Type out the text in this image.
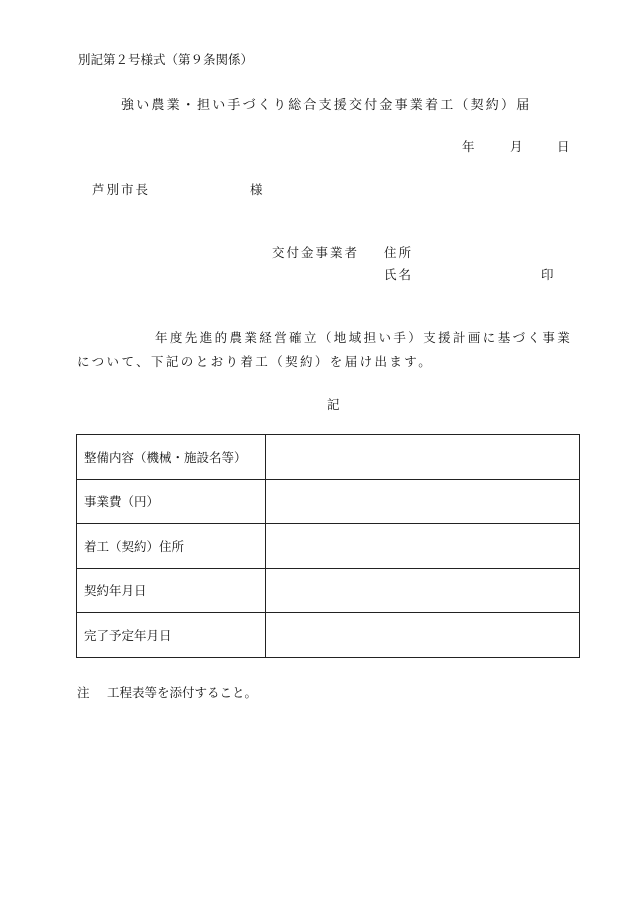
別記第２号様式（第９条関係）
強い農業・担い手づくり総合支援交付金事業着工（契約）届
年	月	日
芦別市長	様
交付金事業者 住所
氏名	印
年度先進的農業経営確立（地域担い手）支援計画に基づく事業について、下記のとおり着工（契約）を届け出ます。
記
整備内容（機械・施設名等）	
事業費（円）	
着工（契約）住所	
契約年月日	
完了予定年月日	
注 工程表等を添付すること。
